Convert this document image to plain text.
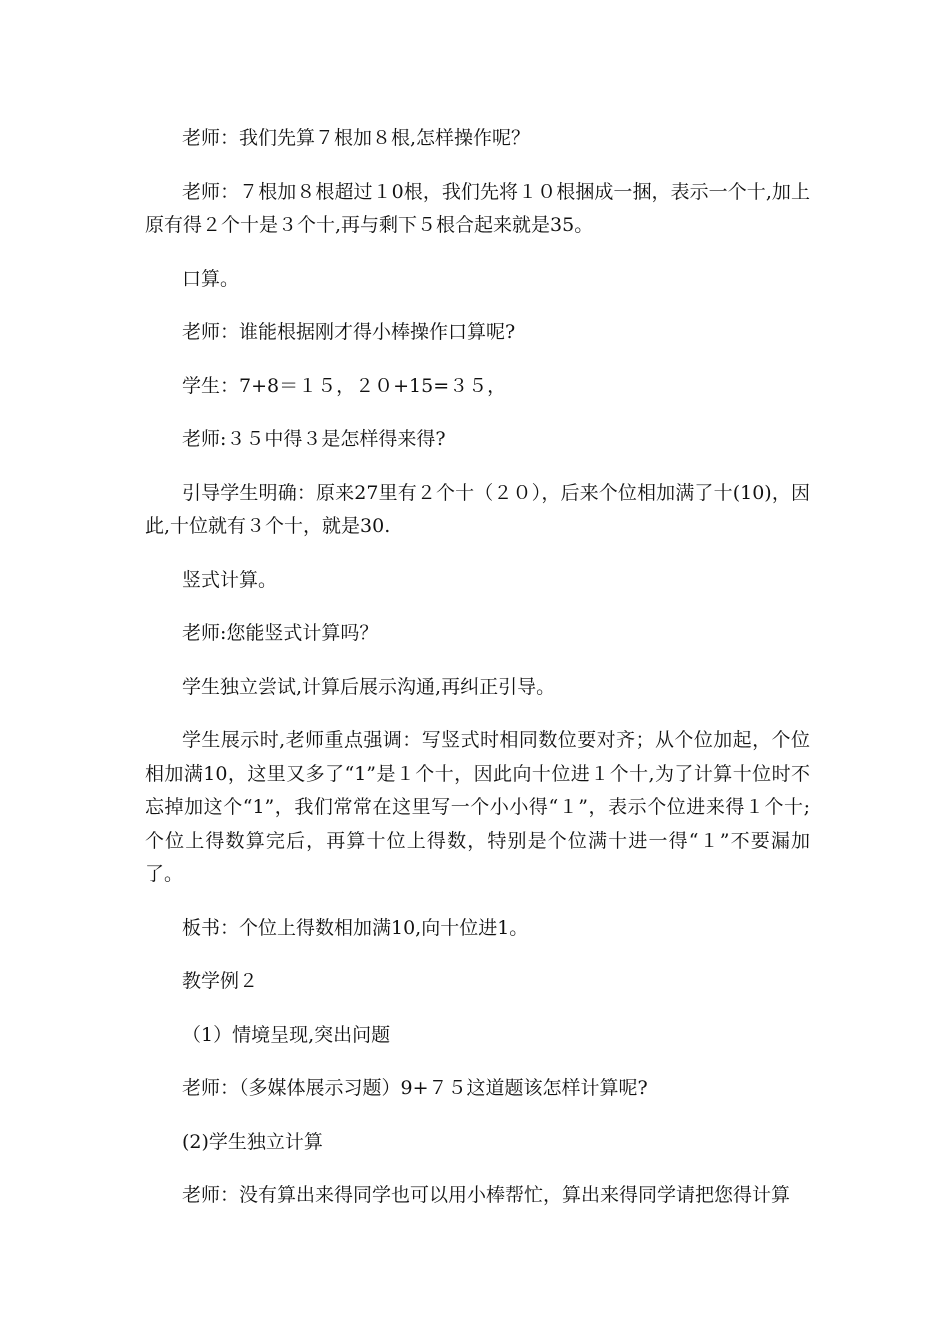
老师：我们先算７根加８根,怎样操作呢？

老师：７根加８根超过１0根，我们先将１０根捆成一捆，表示一个十,加上原有得２个十是３个十,再与剩下５根合起来就是35。

口算。

老师：谁能根据刚才得小棒操作口算呢?

学生：7+8＝１５，２０+15=３５，

老师:３５中得３是怎样得来得?

引导学生明确：原来27里有２个十（２０），后来个位相加满了十(10)，因此,十位就有３个十，就是30.

竖式计算。

老师:您能竖式计算吗？

学生独立尝试,计算后展示沟通,再纠正引导。

学生展示时,老师重点强调：写竖式时相同数位要对齐；从个位加起，个位相加满10，这里又多了“1”是１个十，因此向十位进１个十,为了计算十位时不忘掉加这个“1”，我们常常在这里写一个小小得“１”，表示个位进来得１个十;个位上得数算完后，再算十位上得数，特别是个位满十进一得“１”不要漏加了。

板书：个位上得数相加满10,向十位进1。

教学例２

（1）情境呈现,突出问题

老师：（多媒体展示习题）9+７５这道题该怎样计算呢?

(2)学生独立计算

老师：没有算出来得同学也可以用小棒帮忙，算出来得同学请把您得计算
